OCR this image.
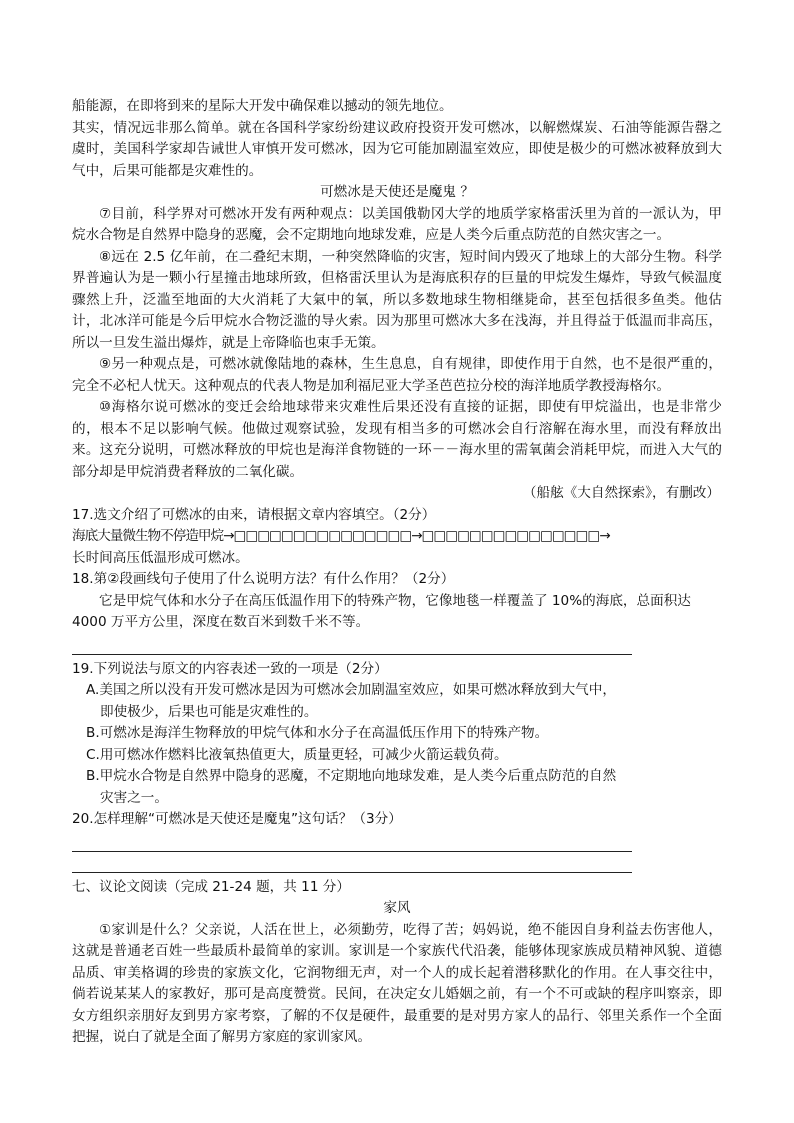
船能源，在即将到来的星际大开发中确保难以撼动的领先地位。

其实，情况远非那么简单。就在各国科学家纷纷建议政府投资开发可燃冰，以解燃煤炭、石油等能源告罄之虞时，美国科学家却告诫世人审慎开发可燃冰，因为它可能加剧温室效应，即使是极少的可燃冰被释放到大气中，后果可能都是灾难性的。

可燃冰是天使还是魔鬼 ？

⑦目前，科学界对可燃冰开发有两种观点：以美国俄勒冈大学的地质学家格雷沃里为首的一派认为，甲烷水合物是自然界中隐身的恶魔，会不定期地向地球发难，应是人类今后重点防范的自然灾害之一。

⑧远在 2.5 亿年前，在二叠纪末期，一种突然降临的灾害，短时间内毁灭了地球上的大部分生物。科学界普遍认为是一颗小行星撞击地球所致，但格雷沃里认为是海底积存的巨量的甲烷发生爆炸，导致气候温度骤然上升，泛滥至地面的大火消耗了大氣中的氧，所以多数地球生物相继毙命，甚至包括很多鱼类。他估计，北冰洋可能是今后甲烷水合物泛滥的导火索。因为那里可燃冰大多在浅海，并且得益于低温而非高压，所以一旦发生溢出爆炸，就是上帝降临也束手无策。

⑨另一种观点是，可燃冰就像陆地的森林，生生息息，自有规律，即使作用于自然，也不是很严重的，完全不必杞人忧天。这种观点的代表人物是加利福尼亚大学圣芭芭拉分校的海洋地质学教授海格尔。

⑩海格尔说可燃冰的变迁会给地球带来灾难性后果还没有直接的证据，即使有甲烷溢出，也是非常少的，根本不足以影响气候。他做过观察试验，发现有相当多的可燃冰会自行溶解在海水里，而没有释放出来。这充分说明，可燃冰释放的甲烷也是海洋食物链的一环－－海水里的需氧菌会消耗甲烷，而进入大气的部分却是甲烷消费者释放的二氧化碳。

（船舷《大自然探索》，有删改）

17.选文介绍了可燃冰的由来，请根据文章内容填空。（2分）

海底大量微生物不停造甲烷→□□□□□□□□□□□□□□□→□□□□□□□□□□□□□□□→

长时间高压低温形成可燃冰。

18.第②段画线句子使用了什么说明方法？有什么作用？（2分）

它是甲烷气体和水分子在高压低温作用下的特殊产物，它像地毯一样覆盖了 10%的海底，总面积达

4000 万平方公里，深度在数百米到数千米不等。

19.下列说法与原文的内容表述一致的一项是（2分）

A.美国之所以没有开发可燃冰是因为可燃冰会加剧温室效应，如果可燃冰释放到大气中，

即使极少，后果也可能是灾难性的。

B.可燃冰是海洋生物释放的甲烷气体和水分子在高温低压作用下的特殊产物。

C.用可燃冰作燃料比液氧热值更大，质量更轻，可减少火箭运载负荷。

B.甲烷水合物是自然界中隐身的恶魔，不定期地向地球发难，是人类今后重点防范的自然

灾害之一。

20.怎样理解“可燃冰是天使还是魔鬼”这句话？（3分）

七、议论文阅读（完成 21-24 题，共 11 分）

家风

①家训是什么？父亲说，人活在世上，必须勤劳，吃得了苦；妈妈说，绝不能因自身利益去伤害他人，这就是普通老百姓一些最质朴最简单的家训。家训是一个家族代代沿袭，能够体现家族成员精神风貌、道德品质、审美格调的珍贵的家族文化，它润物细无声，对一个人的成长起着潜移默化的作用。在人事交往中，倘若说某某人的家教好，那可是高度赞赏。民间，在决定女儿婚姻之前，有一个不可或缺的程序叫察亲，即女方组织亲朋好友到男方家考察，了解的不仅是硬件，最重要的是对男方家人的品行、邻里关系作一个全面把握，说白了就是全面了解男方家庭的家训家风。
